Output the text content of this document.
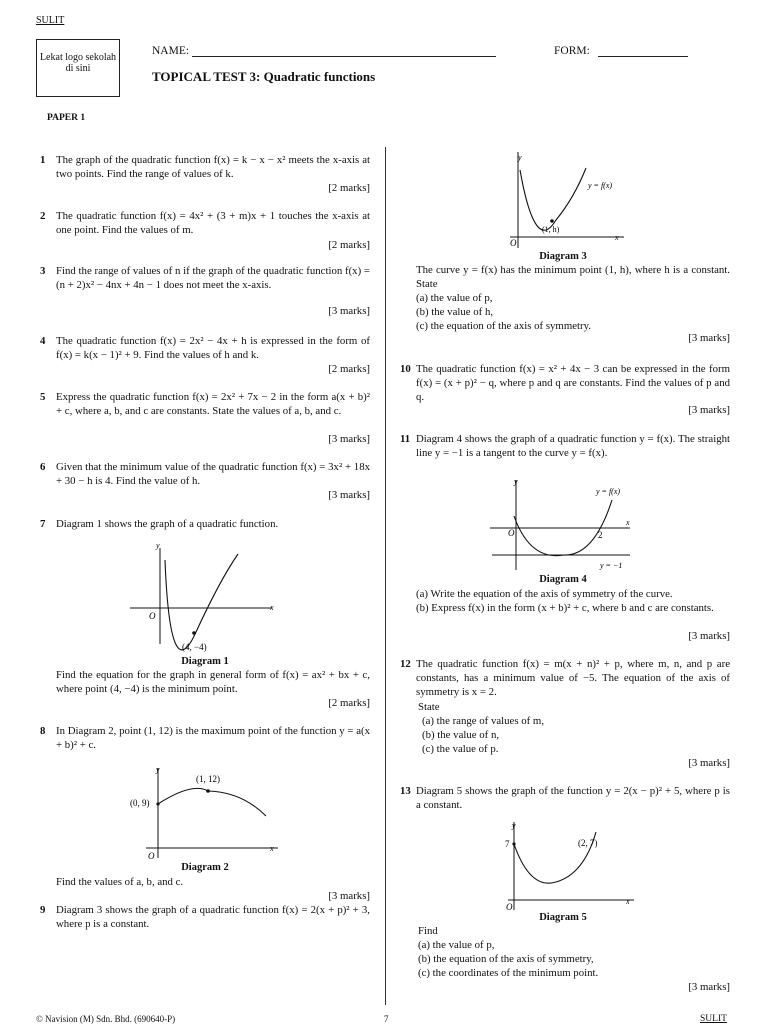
SULIT
Lekat logo sekolah di sini
NAME:	FORM:
TOPICAL TEST 3: Quadratic functions
PAPER 1
1 The graph of the quadratic function f(x) = k − x − x² meets the x-axis at two points. Find the range of values of k.
[2 marks]
2 The quadratic function f(x) = 4x² + (3 + m)x + 1 touches the x-axis at one point. Find the values of m.
[2 marks]
3 Find the range of values of n if the graph of the quadratic function f(x) = (n + 2)x² − 4nx + 4n − 1 does not meet the x-axis.
[3 marks]
4 The quadratic function f(x) = 2x² − 4x + h is expressed in the form of f(x) = k(x − 1)² + 9. Find the values of h and k.
[2 marks]
5 Express the quadratic function f(x) = 2x² + 7x − 2 in the form a(x + b)² + c, where a, b, and c are constants. State the values of a, b, and c.
[3 marks]
6 Given that the minimum value of the quadratic function f(x) = 3x² + 18x + 30 − h is 4. Find the value of h.
[3 marks]
7 Diagram 1 shows the graph of a quadratic function.
y
x
O
(4, −4)
Diagram 1
Find the equation for the graph in general form of f(x) = ax² + bx + c, where point (4, −4) is the minimum point.
[2 marks]
8 In Diagram 2, point (1, 12) is the maximum point of the function y = a(x + b)² + c.
y
x
O
(1, 12)
(0, 9)
Diagram 2
Find the values of a, b, and c.
[3 marks]
9 Diagram 3 shows the graph of a quadratic function f(x) = 2(x + p)² + 3, where p is a constant.
y
x
O
y = f(x)
(1, h)
Diagram 3
The curve y = f(x) has the minimum point (1, h), where h is a constant. State
(a) the value of p,
(b) the value of h,
(c) the equation of the axis of symmetry.
[3 marks]
10 The quadratic function f(x) = x² + 4x − 3 can be expressed in the form f(x) = (x + p)² − q, where p and q are constants. Find the values of p and q.
[3 marks]
11 Diagram 4 shows the graph of a quadratic function y = f(x). The straight line y = −1 is a tangent to the curve y = f(x).
y
x
O	2
y = f(x)
y = −1
Diagram 4
(a) Write the equation of the axis of symmetry of the curve.
(b) Express f(x) in the form (x + b)² + c, where b and c are constants.
[3 marks]
12 The quadratic function f(x) = m(x + n)² + p, where m, n, and p are constants, has a minimum value of −5. The equation of the axis of symmetry is x = 2.
State
(a) the range of values of m,
(b) the value of n,
(c) the value of p.
[3 marks]
13 Diagram 5 shows the graph of the function y = 2(x − p)² + 5, where p is a constant.
y
x
O
7	(2, 7)
Diagram 5
Find
(a) the value of p,
(b) the equation of the axis of symmetry,
(c) the coordinates of the minimum point.
[3 marks]
© Navision (M) Sdn. Bhd. (690640-P)	7	SULIT
